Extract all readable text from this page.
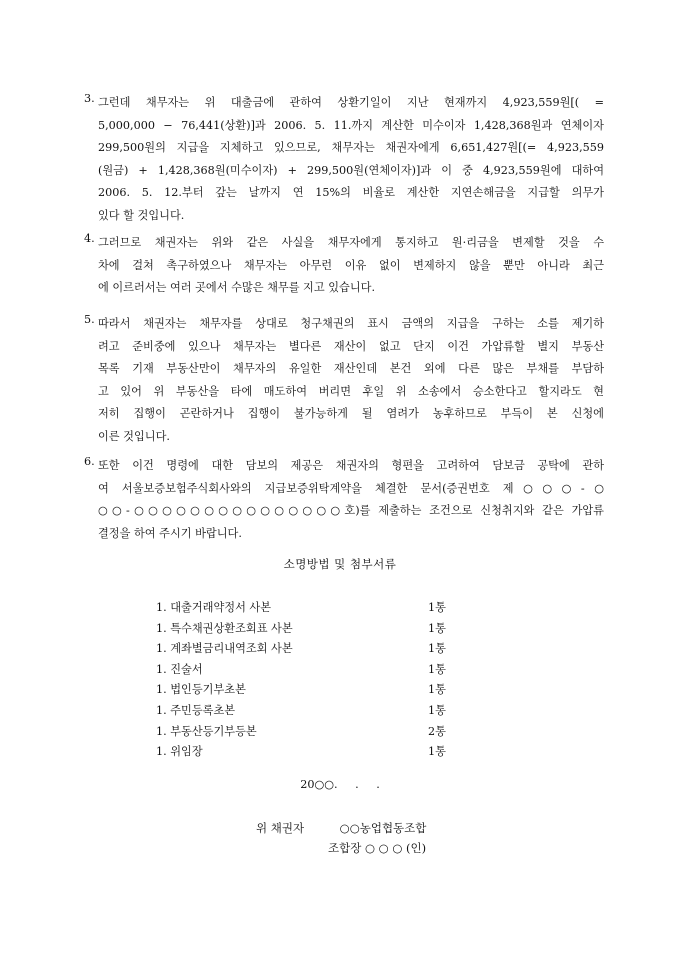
3. 그런데 채무자는 위 대출금에 관하여 상환기일이 지난 현재까지 4,923,559원[( =
5,000,000 − 76,441(상환)]과 2006. 5. 11.까지 계산한 미수이자 1,428,368원과 연체이자
299,500원의 지급을 지체하고 있으므로, 채무자는 채권자에게 6,651,427원[(= 4,923,559
(원금) + 1,428,368원(미수이자) + 299,500원(연체이자)]과 이 중 4,923,559원에 대하여
2006. 5. 12.부터 갚는 날까지 연 15%의 비율로 계산한 지연손해금을 지급할 의무가
있다 할 것입니다.
4. 그러므로 채권자는 위와 같은 사실을 채무자에게 통지하고 원·리금을 변제할 것을 수
차에 걸쳐 촉구하였으나 채무자는 아무런 이유 없이 변제하지 않을 뿐만 아니라 최근
에 이르러서는 여러 곳에서 수많은 채무를 지고 있습니다.
5. 따라서 채권자는 채무자를 상대로 청구채권의 표시 금액의 지급을 구하는 소를 제기하
려고 준비중에 있으나 채무자는 별다른 재산이 없고 단지 이건 가압류할 별지 부동산
목록 기재 부동산만이 채무자의 유일한 재산인데 본건 외에 다른 많은 부채를 부담하
고 있어 위 부동산을 타에 매도하여 버리면 후일 위 소송에서 승소한다고 할지라도 현
저히 집행이 곤란하거나 집행이 불가능하게 될 염려가 농후하므로 부득이 본 신청에
이른 것입니다.
6. 또한 이건 명령에 대한 담보의 제공은 채권자의 형편을 고려하여 담보금 공탁에 관하
여 서울보증보험주식회사와의 지급보증위탁계약을 체결한 문서(증권번호 제○○○-○
○○-○○○○○○○○○○○○○○○호)를 제출하는 조건으로 신청취지와 같은 가압류
결정을 하여 주시기 바랍니다.
소명방법 및 첨부서류
1. 대출거래약정서 사본	1통
1. 특수채권상환조회표 사본	1통
1. 계좌별금리내역조회 사본	1통
1. 진술서	1통
1. 법인등기부초본	1통
1. 주민등록초본	1통
1. 부동산등기부등본	2통
1. 위임장	1통
20○○. . .
위 채권자	○○농업협동조합
조합장 ○ ○ ○ (인)
